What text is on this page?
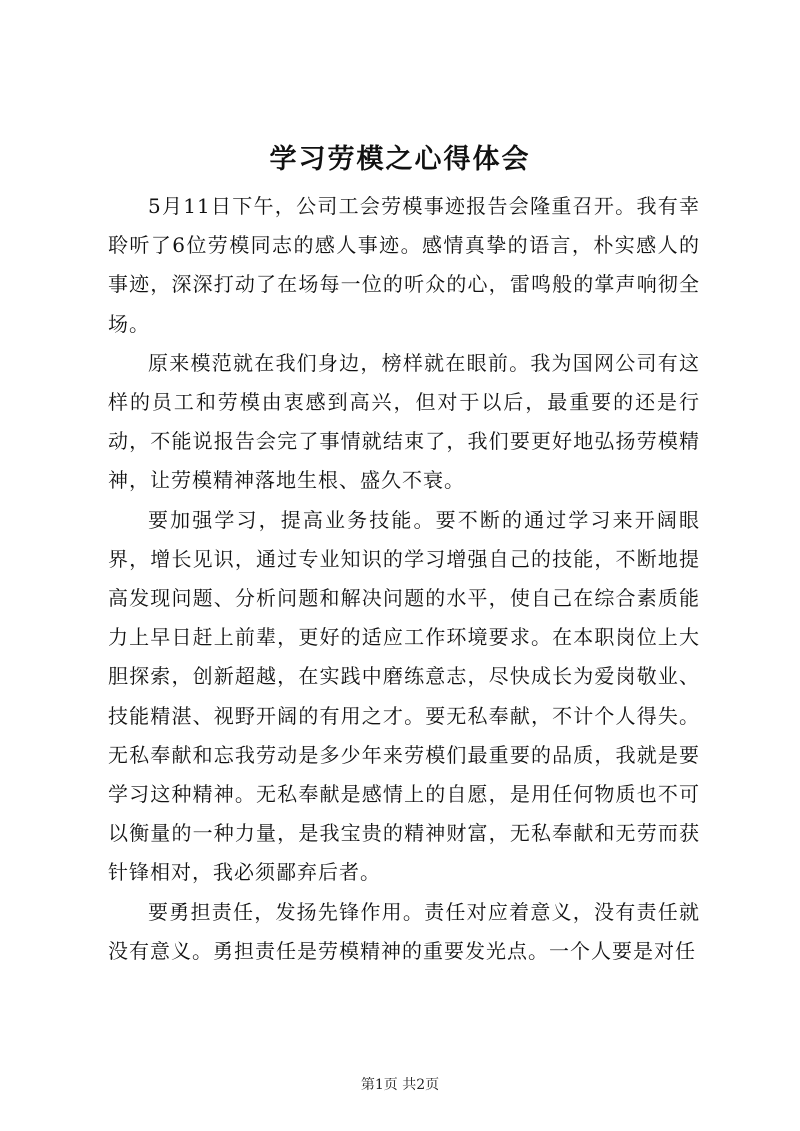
学习劳模之心得体会

5月11日下午，公司工会劳模事迹报告会隆重召开。我有幸聆听了6位劳模同志的感人事迹。感情真挚的语言，朴实感人的事迹，深深打动了在场每一位的听众的心，雷鸣般的掌声响彻全场。

原来模范就在我们身边，榜样就在眼前。我为国网公司有这样的员工和劳模由衷感到高兴，但对于以后，最重要的还是行动，不能说报告会完了事情就结束了，我们要更好地弘扬劳模精神，让劳模精神落地生根、盛久不衰。

要加强学习，提高业务技能。要不断的通过学习来开阔眼界，增长见识，通过专业知识的学习增强自己的技能，不断地提高发现问题、分析问题和解决问题的水平，使自己在综合素质能力上早日赶上前辈，更好的适应工作环境要求。在本职岗位上大胆探索，创新超越，在实践中磨练意志，尽快成长为爱岗敬业、技能精湛、视野开阔的有用之才。要无私奉献，不计个人得失。无私奉献和忘我劳动是多少年来劳模们最重要的品质，我就是要学习这种精神。无私奉献是感情上的自愿，是用任何物质也不可以衡量的一种力量，是我宝贵的精神财富，无私奉献和无劳而获针锋相对，我必须鄙弃后者。

要勇担责任，发扬先锋作用。责任对应着意义，没有责任就没有意义。勇担责任是劳模精神的重要发光点。一个人要是对任

第1页 共2页
